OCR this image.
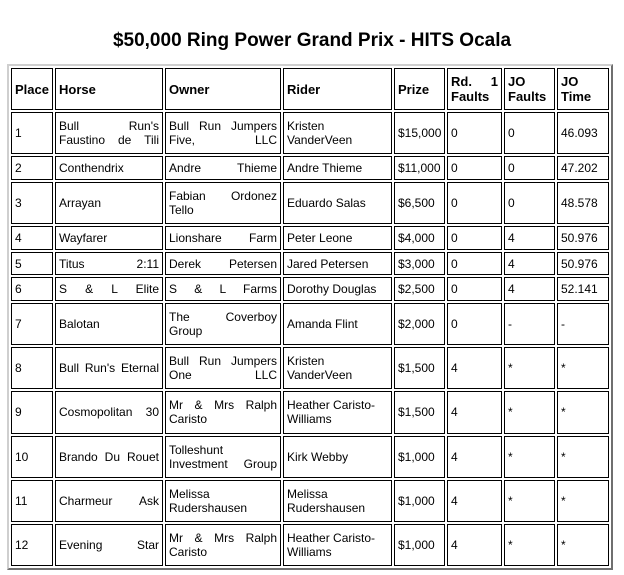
$50,000 Ring Power Grand Prix - HITS Ocala
Place	Horse	Owner	Rider	Prize	Rd. 1 Faults	JO Faults	JO Time
1	Bull Run's Faustino de Tili	Bull Run Jumpers Five, LLC	Kristen VanderVeen	$15,000	0	0	46.093
2	Conthendrix	Andre Thieme	Andre Thieme	$11,000	0	0	47.202
3	Arrayan	Fabian Ordonez Tello	Eduardo Salas	$6,500	0	0	48.578
4	Wayfarer	Lionshare Farm	Peter Leone	$4,000	0	4	50.976
5	Titus 2:11	Derek Petersen	Jared Petersen	$3,000	0	4	50.976
6	S & L Elite	S & L Farms	Dorothy Douglas	$2,500	0	4	52.141
7	Balotan	The Coverboy Group	Amanda Flint	$2,000	0	-	-
8	Bull Run's Eternal	Bull Run Jumpers One LLC	Kristen VanderVeen	$1,500	4	*	*
9	Cosmopolitan 30	Mr & Mrs Ralph Caristo	Heather Caristo-Williams	$1,500	4	*	*
10	Brando Du Rouet	Tolleshunt Investment Group	Kirk Webby	$1,000	4	*	*
11	Charmeur Ask	Melissa Rudershausen	Melissa Rudershausen	$1,000	4	*	*
12	Evening Star	Mr & Mrs Ralph Caristo	Heather Caristo-Williams	$1,000	4	*	*
